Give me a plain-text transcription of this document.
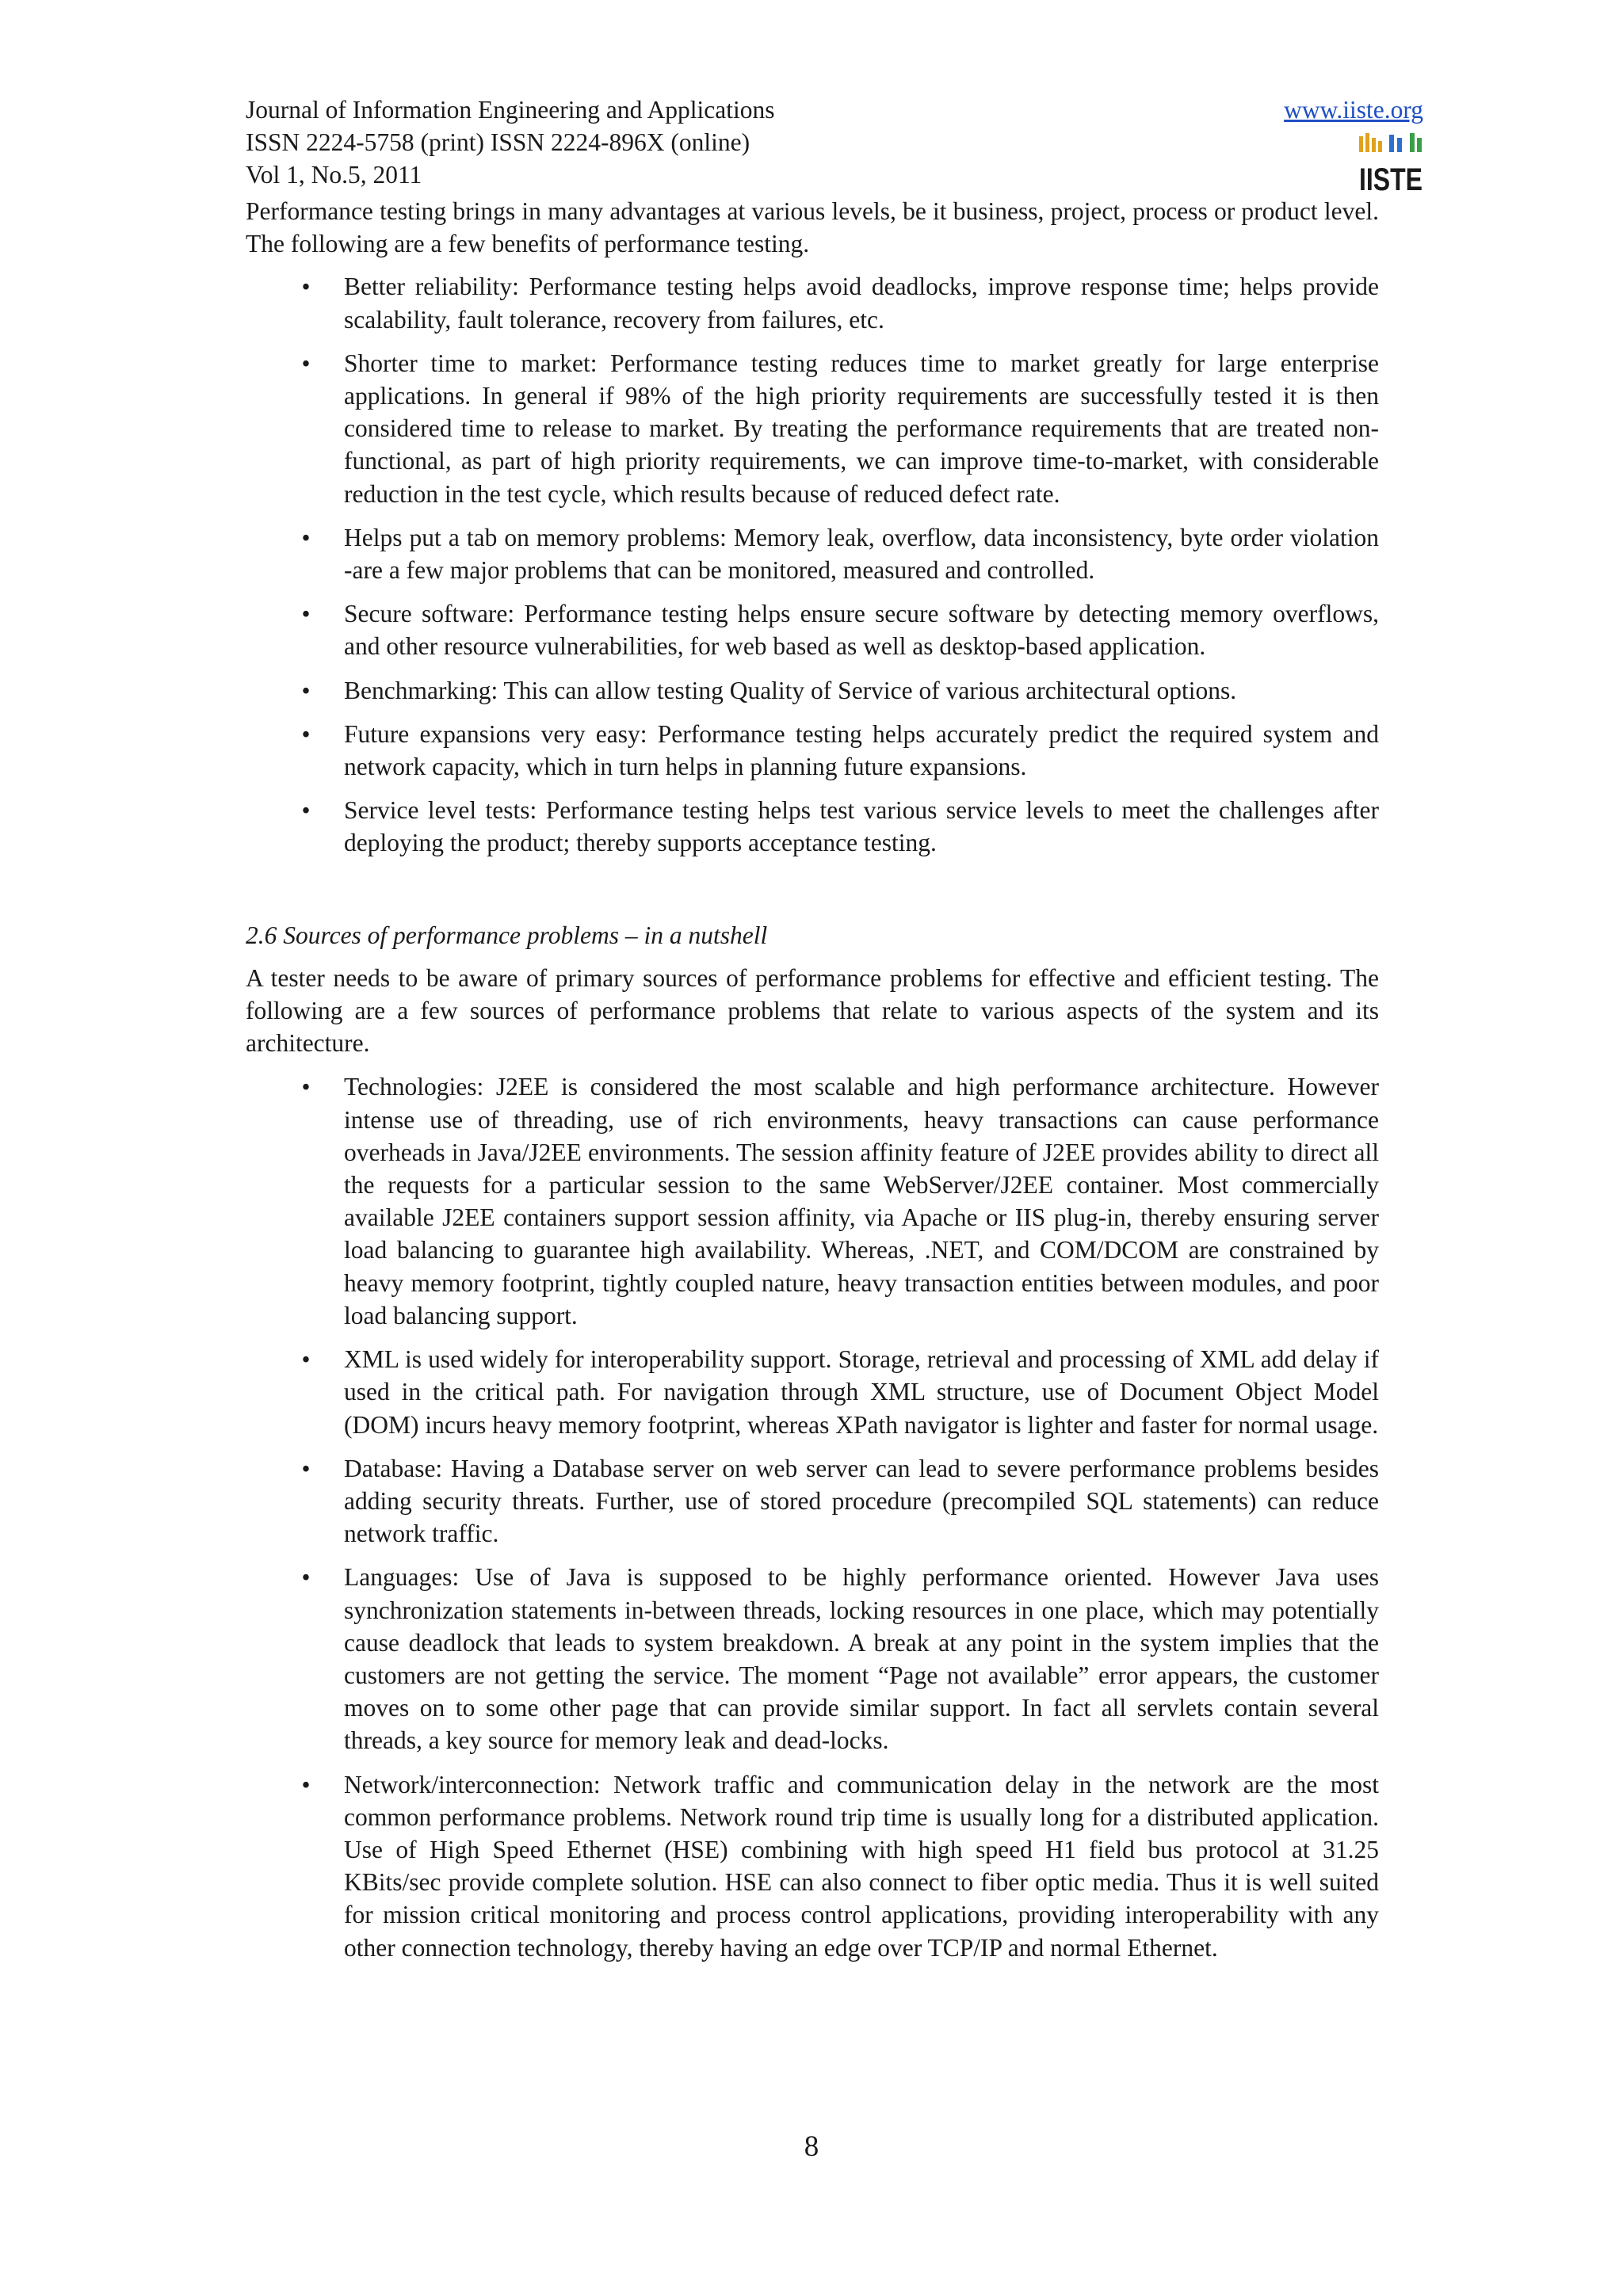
Journal of Information Engineering and Applications
ISSN 2224-5758 (print) ISSN 2224-896X (online)
Vol 1, No.5, 2011
www.iiste.org
IISTE

Performance testing brings in many advantages at various levels, be it business, project, process or product level. The following are a few benefits of performance testing.

• Better reliability: Performance testing helps avoid deadlocks, improve response time; helps provide scalability, fault tolerance, recovery from failures, etc.
• Shorter time to market: Performance testing reduces time to market greatly for large enterprise applications. In general if 98% of the high priority requirements are successfully tested it is then considered time to release to market. By treating the performance requirements that are treated non-functional, as part of high priority requirements, we can improve time-to-market, with considerable reduction in the test cycle, which results because of reduced defect rate.
• Helps put a tab on memory problems: Memory leak, overflow, data inconsistency, byte order violation -are a few major problems that can be monitored, measured and controlled.
• Secure software: Performance testing helps ensure secure software by detecting memory overflows, and other resource vulnerabilities, for web based as well as desktop-based application.
• Benchmarking: This can allow testing Quality of Service of various architectural options.
• Future expansions very easy: Performance testing helps accurately predict the required system and network capacity, which in turn helps in planning future expansions.
• Service level tests: Performance testing helps test various service levels to meet the challenges after deploying the product; thereby supports acceptance testing.

2.6 Sources of performance problems – in a nutshell

A tester needs to be aware of primary sources of performance problems for effective and efficient testing. The following are a few sources of performance problems that relate to various aspects of the system and its architecture.

• Technologies: J2EE is considered the most scalable and high performance architecture. However intense use of threading, use of rich environments, heavy transactions can cause performance overheads in Java/J2EE environments. The session affinity feature of J2EE provides ability to direct all the requests for a particular session to the same WebServer/J2EE container. Most commercially available J2EE containers support session affinity, via Apache or IIS plug-in, thereby ensuring server load balancing to guarantee high availability. Whereas, .NET, and COM/DCOM are constrained by heavy memory footprint, tightly coupled nature, heavy transaction entities between modules, and poor load balancing support.
• XML is used widely for interoperability support. Storage, retrieval and processing of XML add delay if used in the critical path. For navigation through XML structure, use of Document Object Model (DOM) incurs heavy memory footprint, whereas XPath navigator is lighter and faster for normal usage.
• Database: Having a Database server on web server can lead to severe performance problems besides adding security threats. Further, use of stored procedure (precompiled SQL statements) can reduce network traffic.
• Languages: Use of Java is supposed to be highly performance oriented. However Java uses synchronization statements in-between threads, locking resources in one place, which may potentially cause deadlock that leads to system breakdown. A break at any point in the system implies that the customers are not getting the service. The moment “Page not available” error appears, the customer moves on to some other page that can provide similar support. In fact all servlets contain several threads, a key source for memory leak and dead-locks.
• Network/interconnection: Network traffic and communication delay in the network are the most common performance problems. Network round trip time is usually long for a distributed application. Use of High Speed Ethernet (HSE) combining with high speed H1 field bus protocol at 31.25 KBits/sec provide complete solution. HSE can also connect to fiber optic media. Thus it is well suited for mission critical monitoring and process control applications, providing interoperability with any other connection technology, thereby having an edge over TCP/IP and normal Ethernet.
8
